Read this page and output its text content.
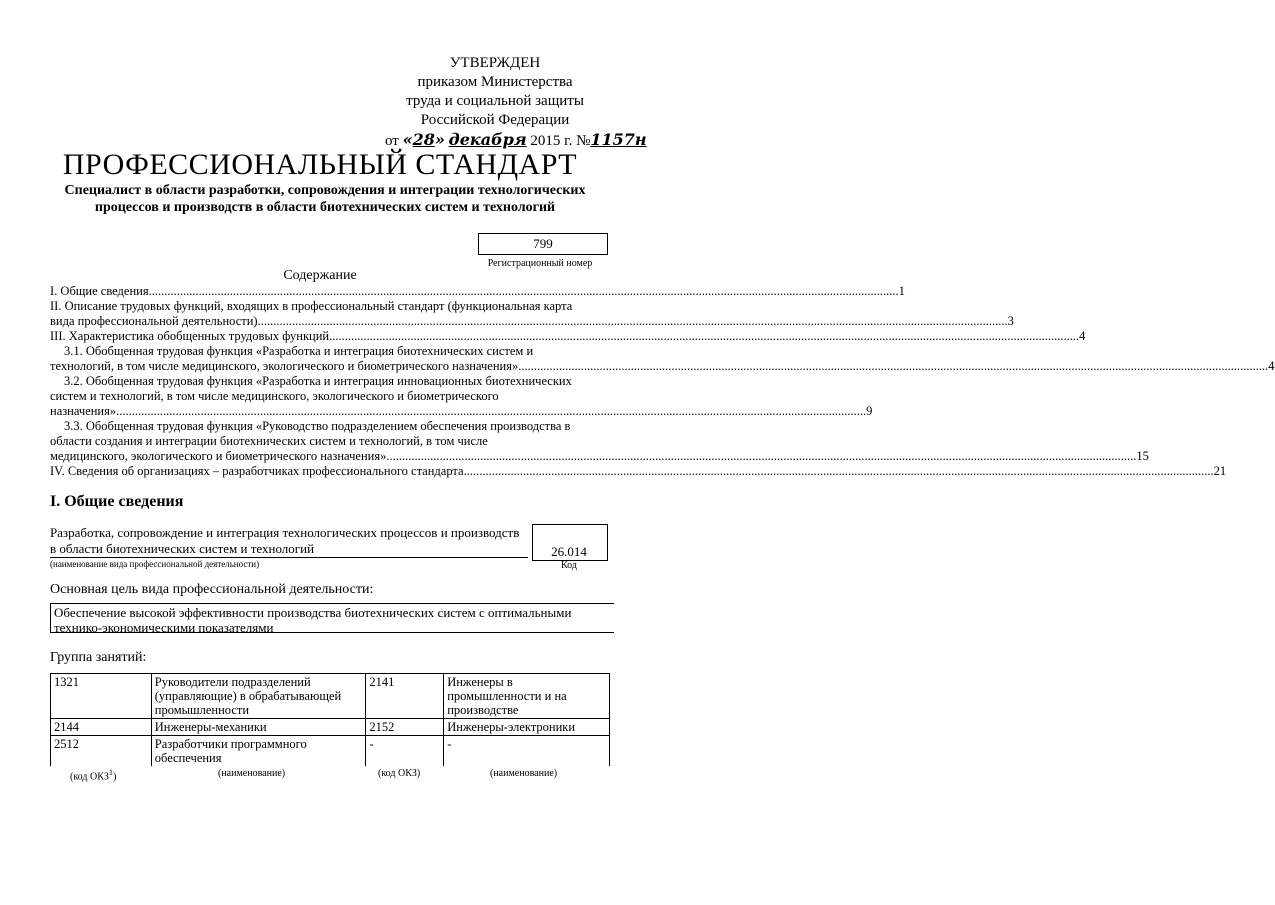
УТВЕРЖДЕН
приказом Министерства
труда и социальной защиты
Российской Федерации
от «28» декабря 2015 г. №1157н
ПРОФЕССИОНАЛЬНЫЙ СТАНДАРТ
Специалист в области разработки, сопровождения и интеграции технологических процессов и производств в области биотехнических систем и технологий
799
Регистрационный номер
Содержание
I. Общие сведения .....	1
II. Описание трудовых функций, входящих в профессиональный стандарт (функциональная карта
вида профессиональной деятельности) .....	3
III. Характеристика обобщенных трудовых функций .....	4
3.1. Обобщенная трудовая функция «Разработка и интеграция биотехнических систем и
технологий, в том числе медицинского, экологического и биометрического назначения» .....	4
3.2. Обобщенная трудовая функция «Разработка и интеграция инновационных биотехнических
систем и технологий, в том числе медицинского, экологического и биометрического
назначения» .....	9
3.3. Обобщенная трудовая функция «Руководство подразделением обеспечения производства в
области создания и интеграции биотехнических систем и технологий, в том числе
медицинского, экологического и биометрического назначения» .....	15
IV. Сведения об организациях – разработчиках профессионального стандарта .....	21
I. Общие сведения
Разработка, сопровождение и интеграция технологических процессов и производств в области биотехнических систем и технологий
(наименование вида профессиональной деятельности)
26.014
Код
Основная цель вида профессиональной деятельности:
Обеспечение высокой эффективности производства биотехнических систем с оптимальными технико-экономическими показателями
Группа занятий:
1321	Руководители подразделений (управляющие) в обрабатывающей промышленности	2141	Инженеры в промышленности и на производстве
2144	Инженеры-механики	2152	Инженеры-электроники
2512	Разработчики программного обеспечения	-	-
(код ОКЗ$^1$)	(наименование)	(код ОКЗ)	(наименование)
